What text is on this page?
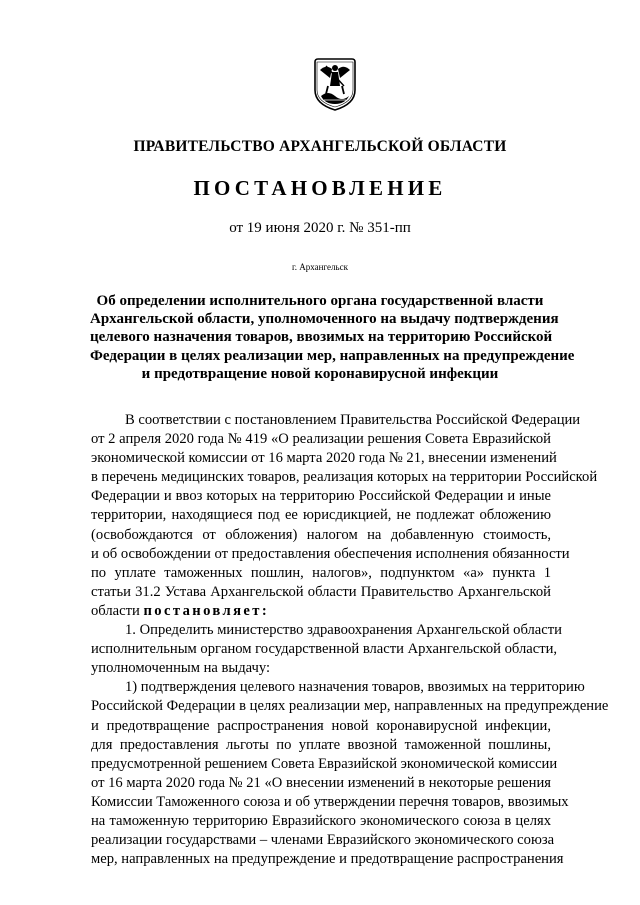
ПРАВИТЕЛЬСТВО АРХАНГЕЛЬСКОЙ ОБЛАСТИ
ПОСТАНОВЛЕНИЕ
от 19 июня 2020 г. № 351-пп
г. Архангельск
Об определении исполнительного органа государственной власти
Архангельской области, уполномоченного на выдачу подтверждения
целевого назначения товаров, ввозимых на территорию Российской
Федерации в целях реализации мер, направленных на предупреждение
и предотвращение новой коронавирусной инфекции
В соответствии с постановлением Правительства Российской Федерации
от 2 апреля 2020 года № 419 «О реализации решения Совета Евразийской
экономической комиссии от 16 марта 2020 года № 21, внесении изменений
в перечень медицинских товаров, реализация которых на территории Российской
Федерации и ввоз которых на территорию Российской Федерации и иные
территории, находящиеся под ее юрисдикцией, не подлежат обложению
(освобождаются от обложения) налогом на добавленную стоимость,
и об освобождении от предоставления обеспечения исполнения обязанности
по уплате таможенных пошлин, налогов», подпунктом «а» пункта 1
статьи 31.2 Устава Архангельской области Правительство Архангельской
области постановляет:
1. Определить министерство здравоохранения Архангельской области
исполнительным органом государственной власти Архангельской области,
уполномоченным на выдачу:
1) подтверждения целевого назначения товаров, ввозимых на территорию
Российской Федерации в целях реализации мер, направленных на предупреждение
и предотвращение распространения новой коронавирусной инфекции,
для предоставления льготы по уплате ввозной таможенной пошлины,
предусмотренной решением Совета Евразийской экономической комиссии
от 16 марта 2020 года № 21 «О внесении изменений в некоторые решения
Комиссии Таможенного союза и об утверждении перечня товаров, ввозимых
на таможенную территорию Евразийского экономического союза в целях
реализации государствами – членами Евразийского экономического союза
мер, направленных на предупреждение и предотвращение распространения
